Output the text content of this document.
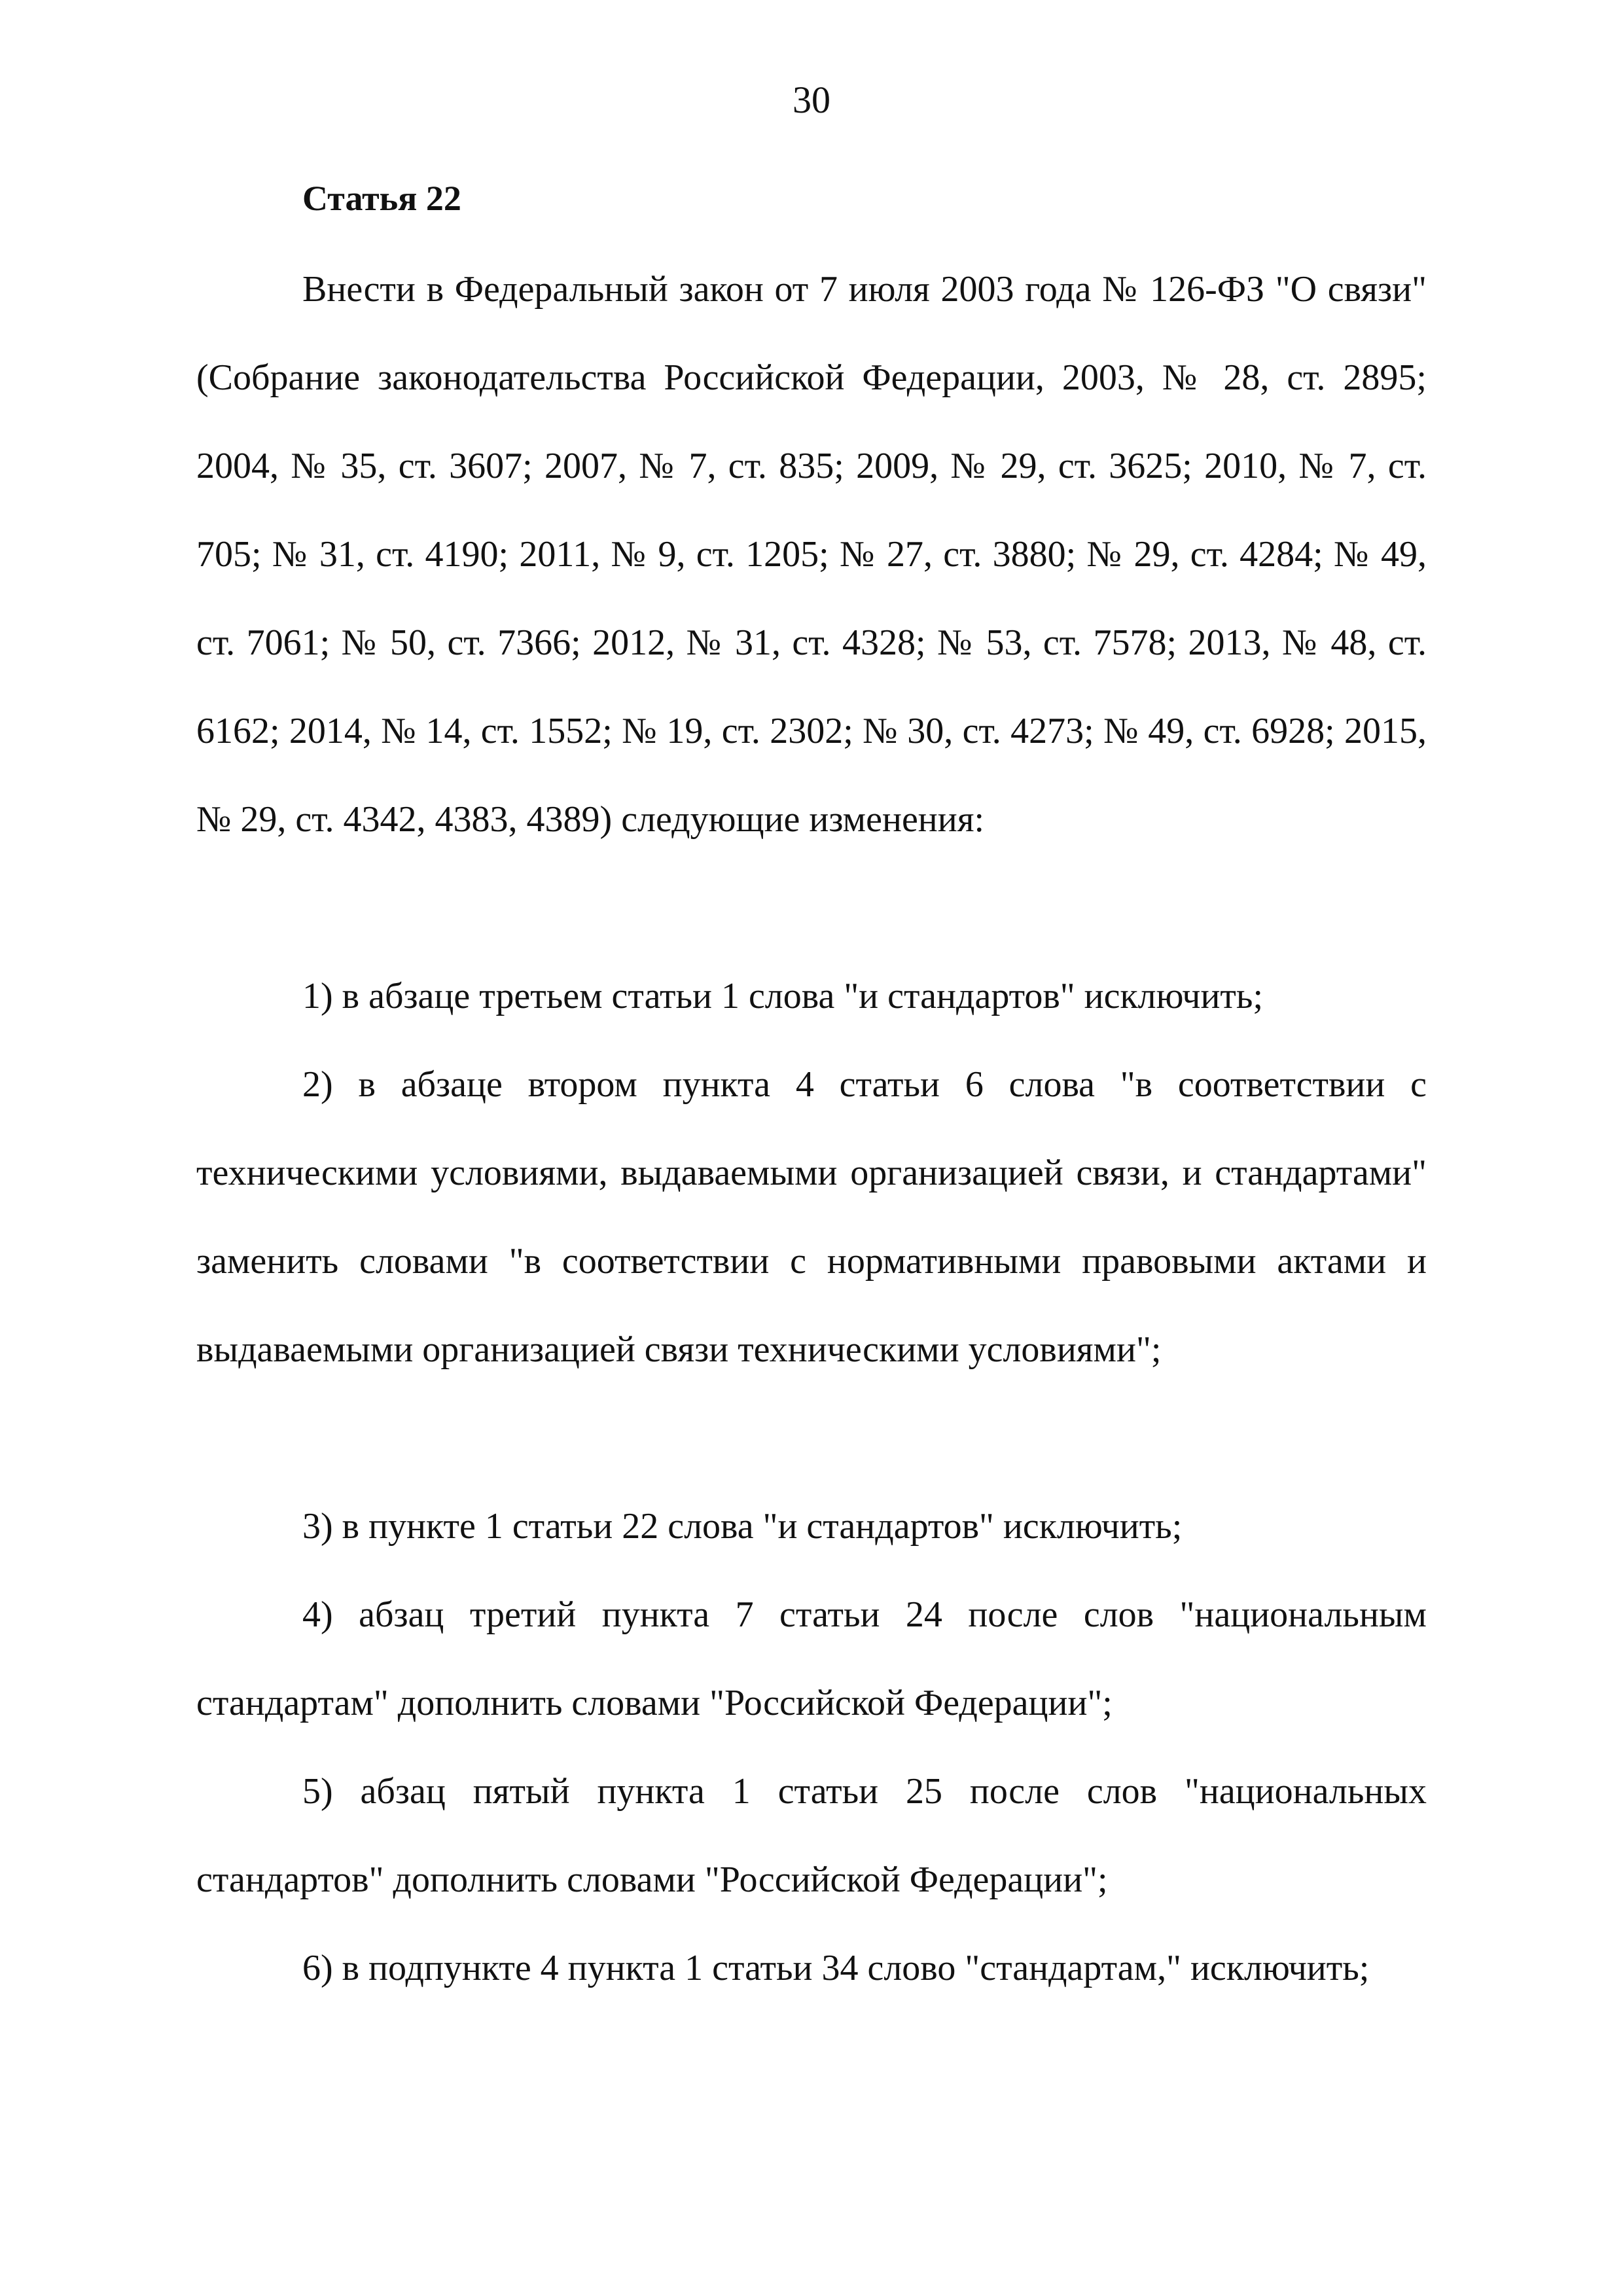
30
Статья 22

Внести в Федеральный закон от 7 июля 2003 года № 126-ФЗ "О связи" (Собрание законодательства Российской Федерации, 2003, № 28, ст. 2895; 2004, № 35, ст. 3607; 2007, № 7, ст. 835; 2009, № 29, ст. 3625; 2010, № 7, ст. 705; № 31, ст. 4190; 2011, № 9, ст. 1205; № 27, ст. 3880; № 29, ст. 4284; № 49, ст. 7061; № 50, ст. 7366; 2012, № 31, ст. 4328; № 53, ст. 7578; 2013, № 48, ст. 6162; 2014, № 14, ст. 1552; № 19, ст. 2302; № 30, ст. 4273; № 49, ст. 6928; 2015, № 29, ст. 4342, 4383, 4389) следующие изменения:

1) в абзаце третьем статьи 1 слова "и стандартов" исключить;

2) в абзаце втором пункта 4 статьи 6 слова "в соответствии с техническими условиями, выдаваемыми организацией связи, и стандартами" заменить словами "в соответствии с нормативными правовыми актами и выдаваемыми организацией связи техническими условиями";

3) в пункте 1 статьи 22 слова "и стандартов" исключить;

4) абзац третий пункта 7 статьи 24 после слов "национальным стандартам" дополнить словами "Российской Федерации";

5) абзац пятый пункта 1 статьи 25 после слов "национальных стандартов" дополнить словами "Российской Федерации";

6) в подпункте 4 пункта 1 статьи 34 слово "стандартам," исключить;
